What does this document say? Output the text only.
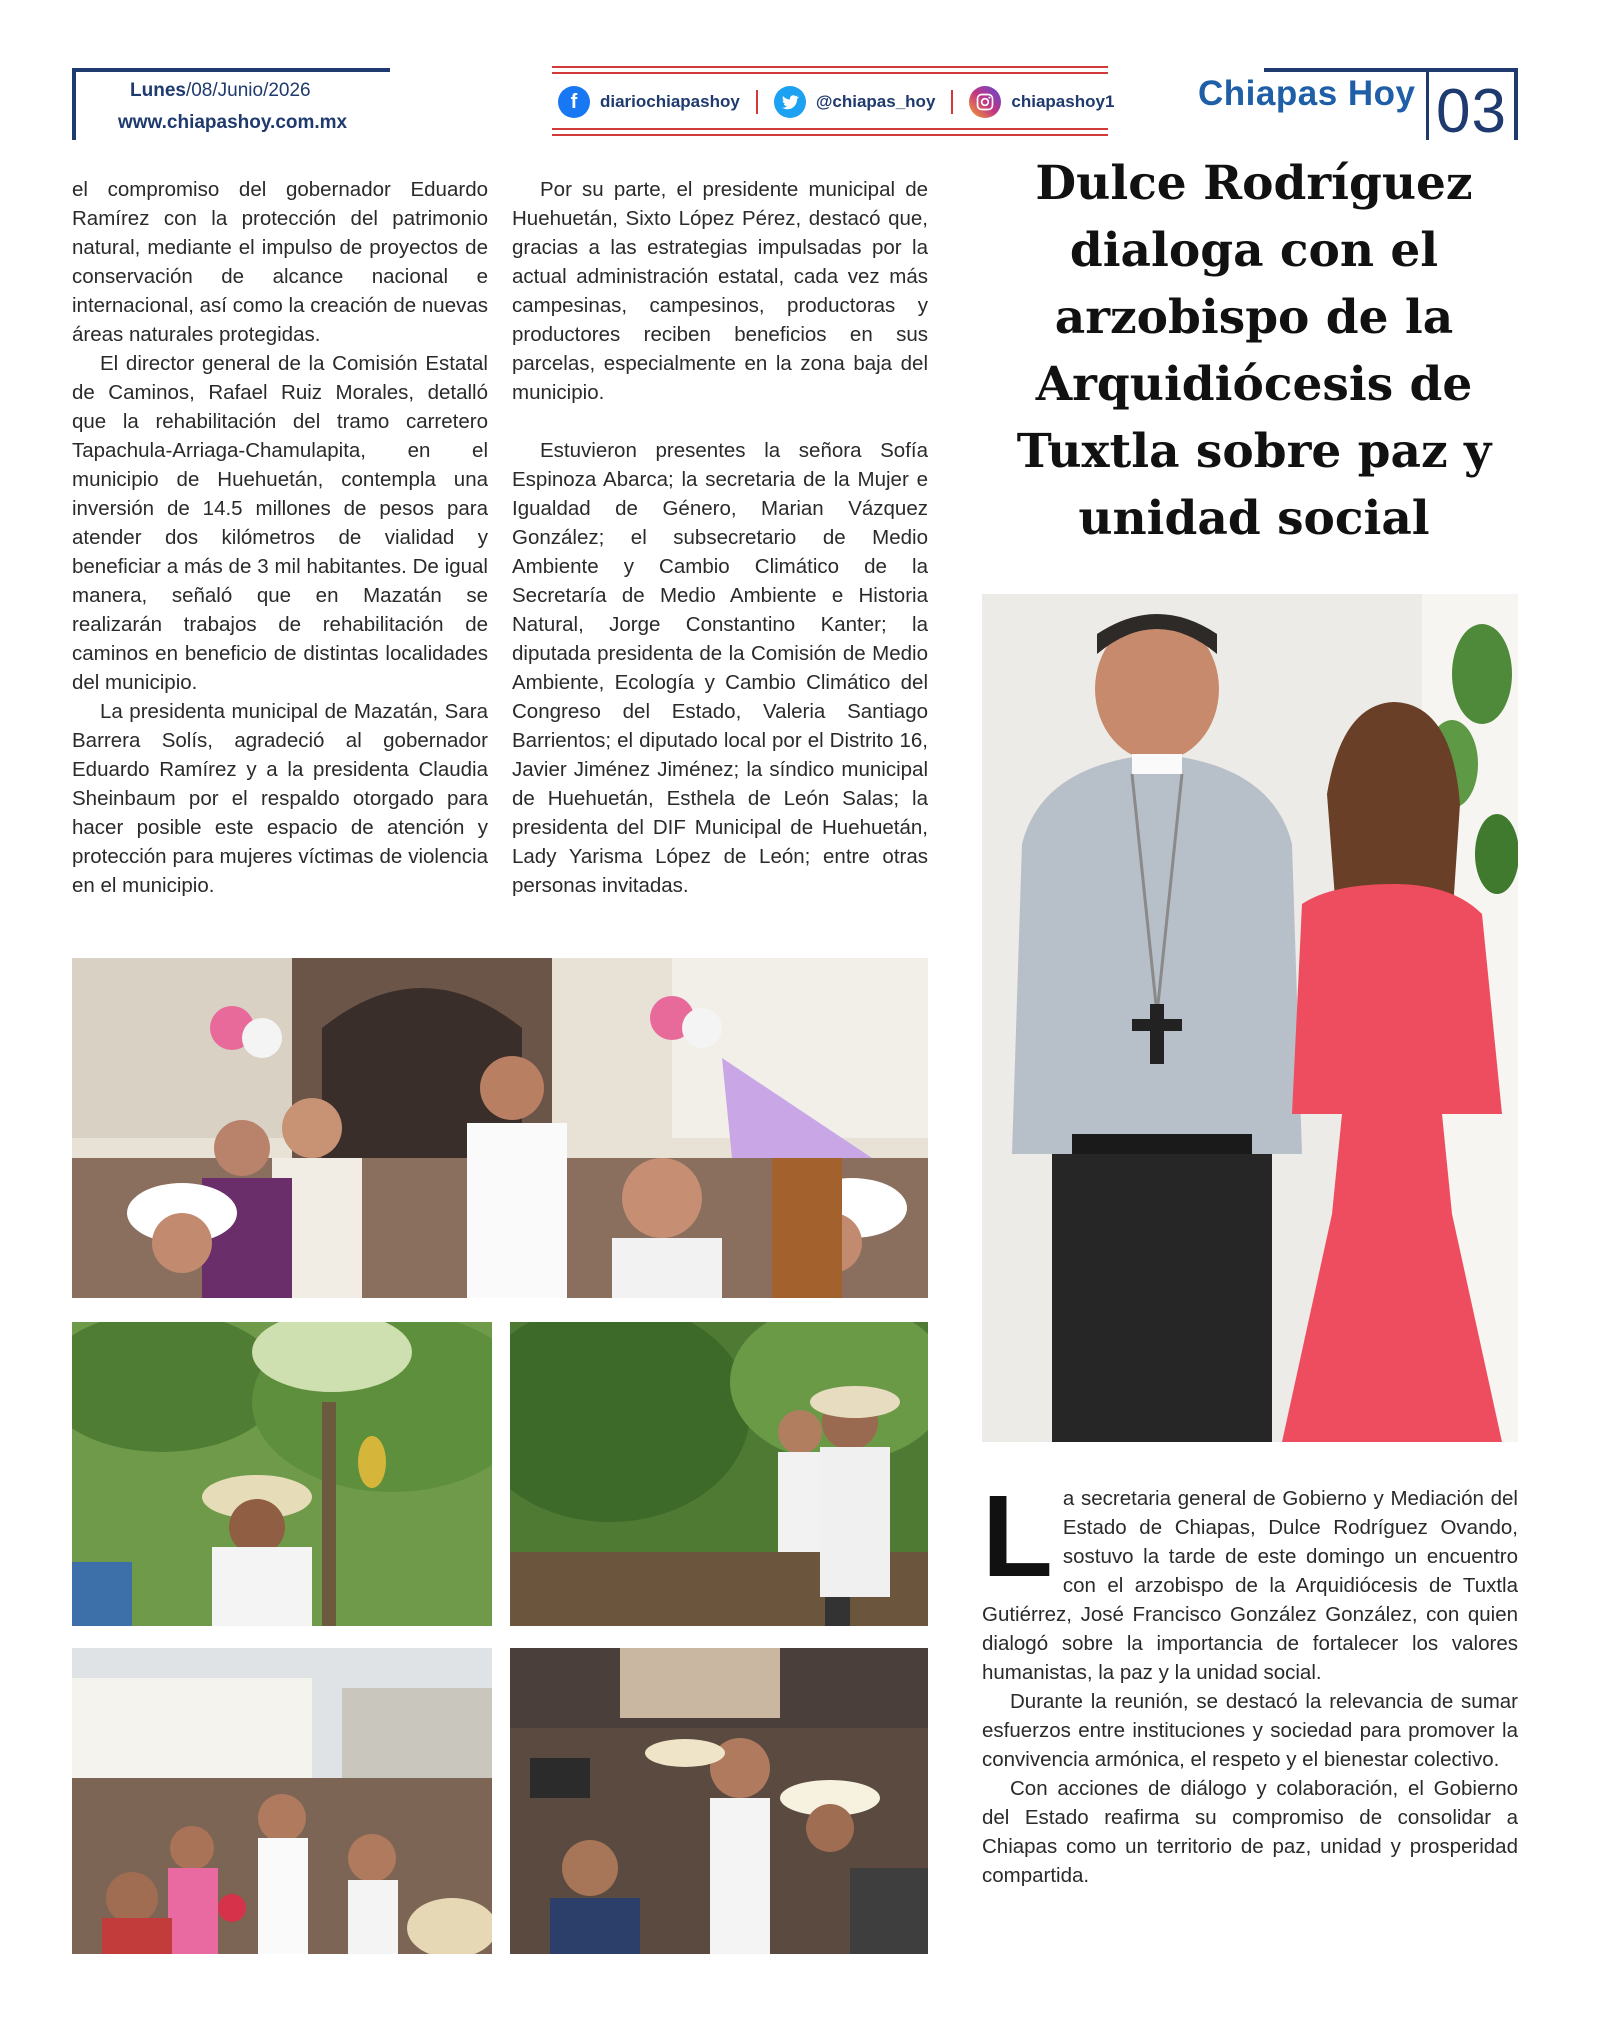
Lunes/08/Junio/2026
www.chiapashoy.com.mx
f	diariochiapashoy	@chiapas_hoy	chiapashoy1 Chiapas Hoy 03

el compromiso del gobernador Eduardo Ramírez con la protección del patrimonio natural, mediante el impulso de proyectos de conservación de alcance nacional e internacional, así como la creación de nuevas áreas naturales protegidas.

El director general de la Comisión Estatal de Caminos, Rafael Ruiz Morales, detalló que la rehabilitación del tramo carretero Tapachula-Arriaga-Chamulapita, en el municipio de Huehuetán, contempla una inversión de 14.5 millones de pesos para atender dos kilómetros de vialidad y beneficiar a más de 3 mil habitantes. De igual manera, señaló que en Mazatán se realizarán trabajos de rehabilitación de caminos en beneficio de distintas localidades del municipio.

La presidenta municipal de Mazatán, Sara Barrera Solís, agradeció al gobernador Eduardo Ramírez y a la presidenta Claudia Sheinbaum por el respaldo otorgado para hacer posible este espacio de atención y protección para mujeres víctimas de violencia en el municipio.

Por su parte, el presidente municipal de Huehuetán, Sixto López Pérez, destacó que, gracias a las estrategias impulsadas por la actual administración estatal, cada vez más campesinas, campesinos, productoras y productores reciben beneficios en sus parcelas, especialmente en la zona baja del municipio.

Estuvieron presentes la señora Sofía Espinoza Abarca; la secretaria de la Mujer e Igualdad de Género, Marian Vázquez González; el subsecretario de Medio Ambiente y Cambio Climático de la Secretaría de Medio Ambiente e Historia Natural, Jorge Constantino Kanter; la diputada presidenta de la Comisión de Medio Ambiente, Ecología y Cambio Climático del Congreso del Estado, Valeria Santiago Barrientos; el diputado local por el Distrito 16, Javier Jiménez Jiménez; la síndico municipal de Huehuetán, Esthela de León Salas; la presidenta del DIF Municipal de Huehuetán, Lady Yarisma López de León; entre otras personas invitadas.

Dulce Rodríguez dialoga con el arzobispo de la Arquidiócesis de Tuxtla sobre paz y unidad social

La secretaria general de Gobierno y Mediación del Estado de Chiapas, Dulce Rodríguez Ovando, sostuvo la tarde de este domingo un encuentro con el arzobispo de la Arquidiócesis de Tuxtla Gutiérrez, José Francisco González González, con quien dialogó sobre la importancia de fortalecer los valores humanistas, la paz y la unidad social.

Durante la reunión, se destacó la relevancia de sumar esfuerzos entre instituciones y sociedad para promover la convivencia armónica, el respeto y el bienestar colectivo.

Con acciones de diálogo y colaboración, el Gobierno del Estado reafirma su compromiso de consolidar a Chiapas como un territorio de paz, unidad y prosperidad compartida.
